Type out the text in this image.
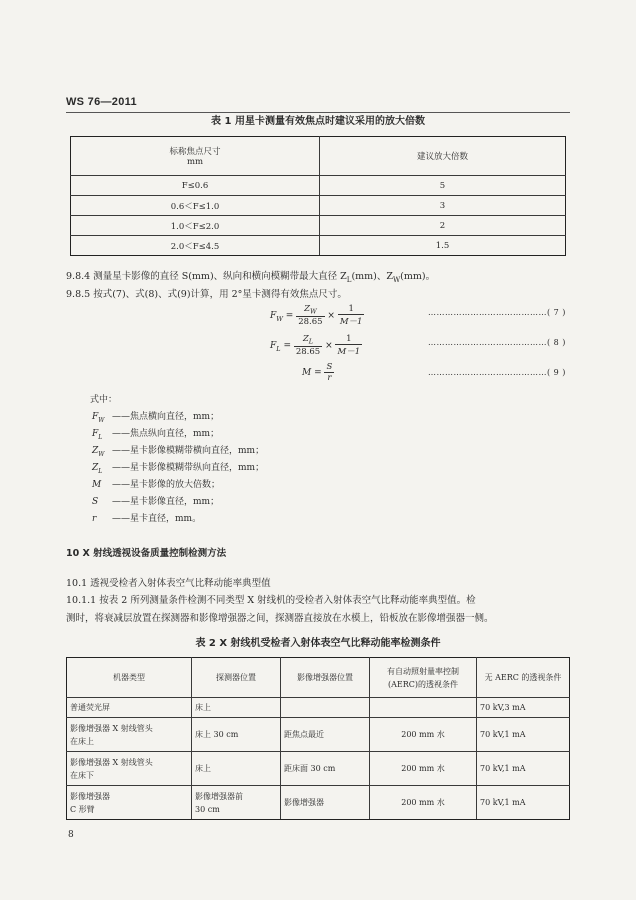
WS 76—2011
表 1 用星卡测量有效焦点时建议采用的放大倍数
标称焦点尺寸
mm	建议放大倍数
F≤0.6	5
0.6＜F≤1.0	3
1.0＜F≤2.0	2
2.0＜F≤4.5	1.5
9.8.4 测量星卡影像的直径 S(mm)、纵向和横向模糊带最大直径 $Z_L(mm)$、$Z_W(mm)$。
9.8.5 按式(7)、式(8)、式(9)计算，用 2°星卡测得有效焦点尺寸。
$F_W = \frac{Z_W}{28.65} \times \frac{1}{M-1}$	……………………………………( 7 )
$F_L = \frac{Z_L}{28.65} \times \frac{1}{M-1}$	……………………………………( 8 )
$M = \frac{S}{r}$	……………………………………( 9 )
式中：
$F_W$ ——焦点横向直径，mm；
$F_L$ ——焦点纵向直径，mm；
$Z_W$ ——星卡影像模糊带横向直径，mm；
$Z_L$ ——星卡影像模糊带纵向直径，mm；
M ——星卡影像的放大倍数；
S ——星卡影像直径，mm；
r ——星卡直径，mm。
10 X 射线透视设备质量控制检测方法
10.1 透视受检者入射体表空气比释动能率典型值
10.1.1 按表 2 所列测量条件检测不同类型 X 射线机的受检者入射体表空气比释动能率典型值。检
测时，将衰减层放置在探测器和影像增强器之间，探测器直接放在水模上，铅板放在影像增强器一侧。
表 2 X 射线机受检者入射体表空气比释动能率检测条件
机器类型	探测器位置	影像增强器位置	有自动照射量率控制
(AERC)的透视条件	无 AERC 的透视条件
普通荧光屏	床上			70 kV,3 mA
影像增强器 X 射线管头
在床上	床上 30 cm	距焦点最近	200 mm 水	70 kV,1 mA
影像增强器 X 射线管头
在床下	床上	距床面 30 cm	200 mm 水	70 kV,1 mA
影像增强器
C 形臂	影像增强器前
30 cm	影像增强器	200 mm 水	70 kV,1 mA
8
